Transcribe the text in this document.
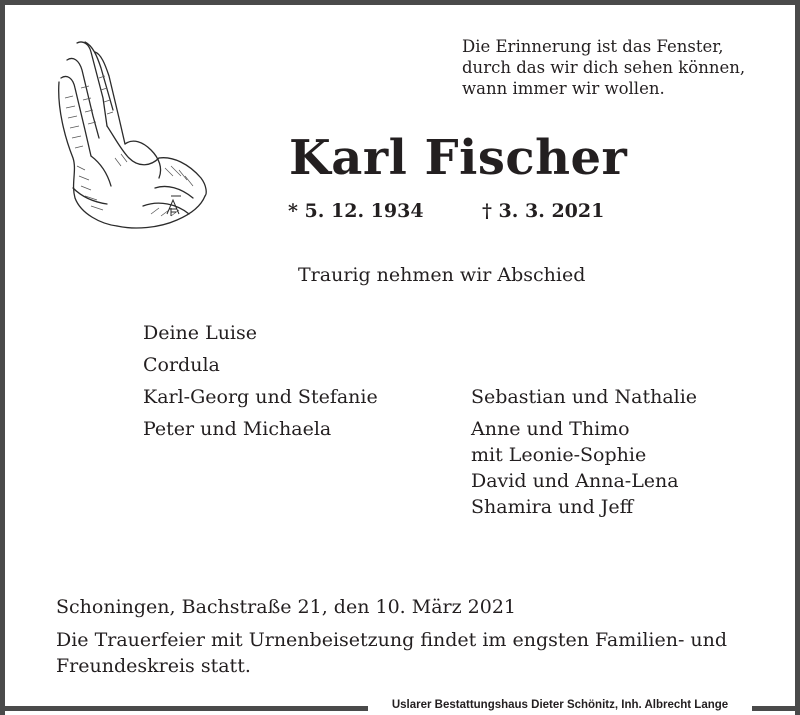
Die Erinnerung ist das Fenster,
durch das wir dich sehen können,
wann immer wir wollen.
Karl Fischer
* 5. 12. 1934	† 3. 3. 2021
Traurig nehmen wir Abschied
Deine Luise
Cordula
Karl-Georg und Stefanie
Peter und Michaela
Sebastian und Nathalie
Anne und Thimo
mit Leonie-Sophie
David und Anna-Lena
Shamira und Jeff
Schoningen, Bachstraße 21, den 10. März 2021
Die Trauerfeier mit Urnenbeisetzung findet im engsten Familien- und Freundeskreis statt.
Uslarer Bestattungshaus Dieter Schönitz, Inh. Albrecht Lange
